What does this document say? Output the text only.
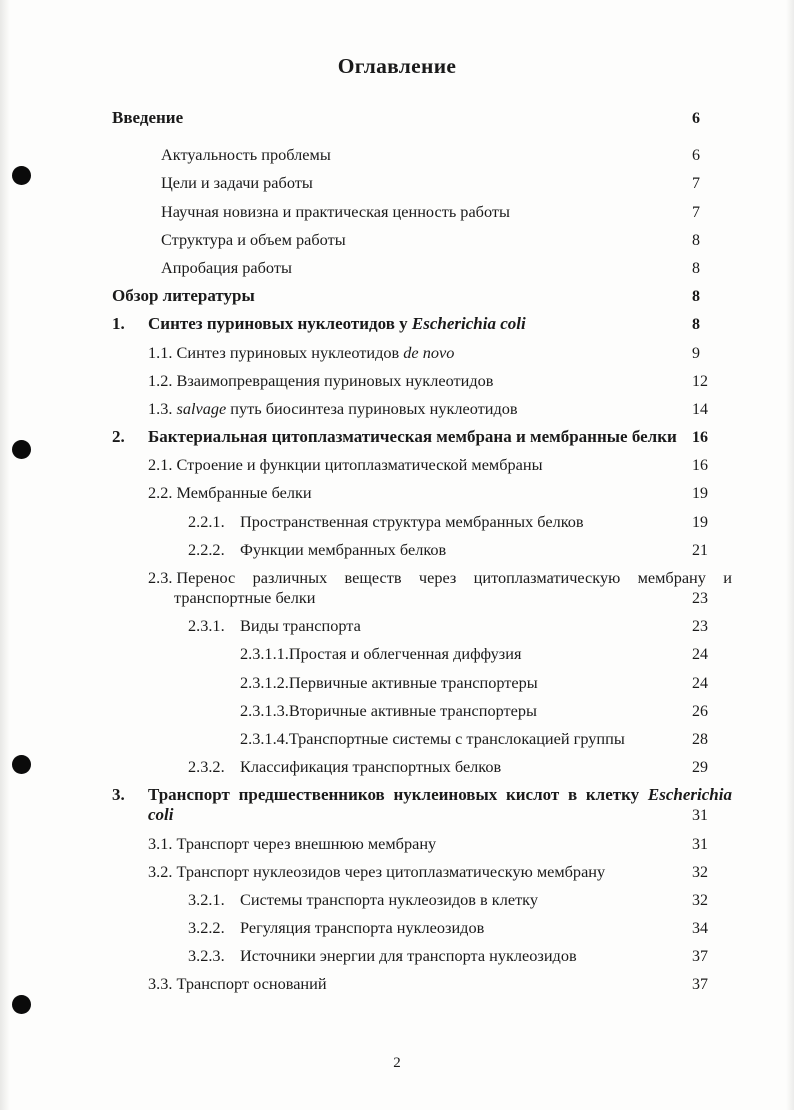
Оглавление
Введение	6
Актуальность проблемы	6
Цели и задачи работы	7
Научная новизна и практическая ценность работы	7
Структура и объем работы	8
Апробация работы	8
Обзор литературы	8
1. Синтез пуриновых нуклеотидов у Escherichia coli	8
1.1. Синтез пуриновых нуклеотидов de novo	9
1.2. Взаимопревращения пуриновых нуклеотидов	12
1.3. salvage путь биосинтеза пуриновых нуклеотидов	14
2. Бактериальная цитоплазматическая мембрана и мембранные белки 16
2.1. Строение и функции цитоплазматической мембраны	16
2.2. Мембранные белки	19
2.2.1. Пространственная структура мембранных белков	19
2.2.2. Функции мембранных белков	21
2.3. Перенос различных веществ через цитоплазматическую мембрану и
транспортные белки	23
2.3.1. Виды транспорта	23
2.3.1.1.Простая и облегченная диффузия	24
2.3.1.2.Первичные активные транспортеры	24
2.3.1.3.Вторичные активные транспортеры	26
2.3.1.4.Транспортные системы с транслокацией группы	28
2.3.2. Классификация транспортных белков	29
3.	Транспорт предшественников нуклеиновых кислот в клетку Escherichia
coli	31
3.1. Транспорт через внешнюю мембрану	31
3.2. Транспорт нуклеозидов через цитоплазматическую мембрану	32
3.2.1. Системы транспорта нуклеозидов в клетку	32
3.2.2. Регуляция транспорта нуклеозидов	34
3.2.3. Источники энергии для транспорта нуклеозидов	37
3.3. Транспорт оснований	37
2
